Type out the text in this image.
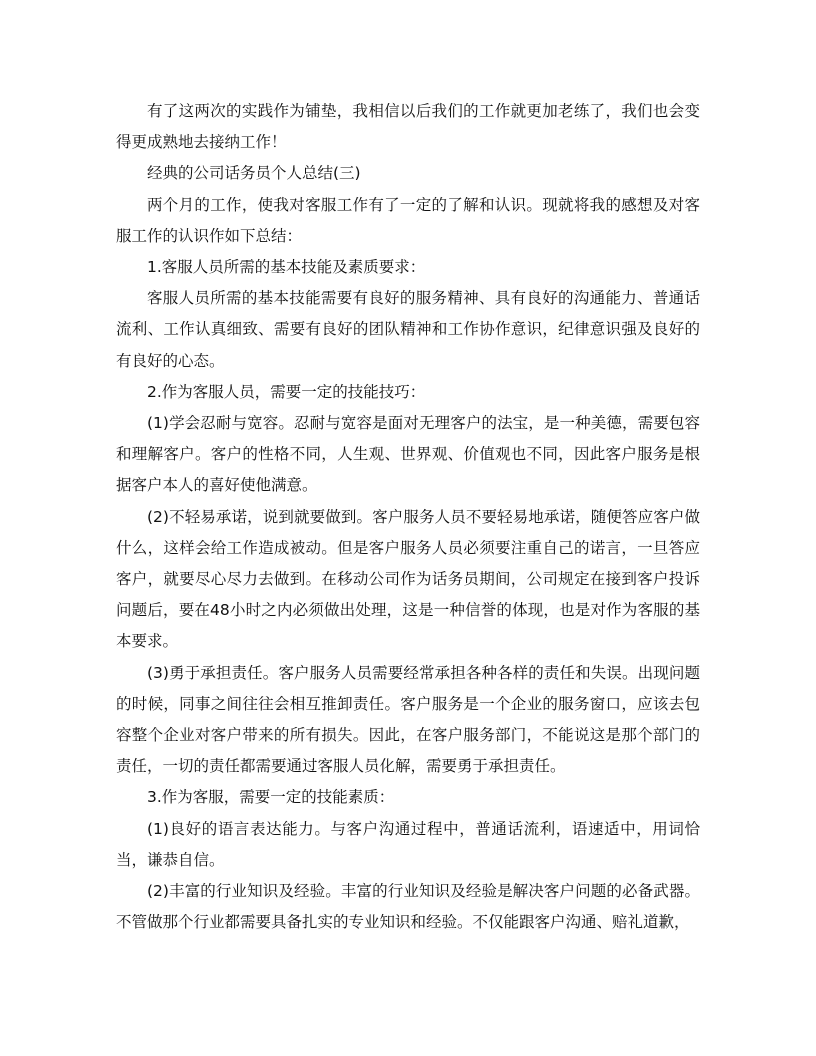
有了这两次的实践作为铺垫，我相信以后我们的工作就更加老练了，我们也会变得更成熟地去接纳工作！

经典的公司话务员个人总结(三)

两个月的工作，使我对客服工作有了一定的了解和认识。现就将我的感想及对客服工作的认识作如下总结：

1.客服人员所需的基本技能及素质要求：

客服人员所需的基本技能需要有良好的服务精神、具有良好的沟通能力、普通话流利、工作认真细致、需要有良好的团队精神和工作协作意识，纪律意识强及良好的有良好的心态。

2.作为客服人员，需要一定的技能技巧：

(1)学会忍耐与宽容。忍耐与宽容是面对无理客户的法宝，是一种美德，需要包容和理解客户。客户的性格不同，人生观、世界观、价值观也不同，因此客户服务是根据客户本人的喜好使他满意。

(2)不轻易承诺，说到就要做到。客户服务人员不要轻易地承诺，随便答应客户做什么，这样会给工作造成被动。但是客户服务人员必须要注重自己的诺言，一旦答应客户，就要尽心尽力去做到。在移动公司作为话务员期间，公司规定在接到客户投诉问题后，要在48小时之内必须做出处理，这是一种信誉的体现，也是对作为客服的基本要求。

(3)勇于承担责任。客户服务人员需要经常承担各种各样的责任和失误。出现问题的时候，同事之间往往会相互推卸责任。客户服务是一个企业的服务窗口，应该去包容整个企业对客户带来的所有损失。因此，在客户服务部门，不能说这是那个部门的责任，一切的责任都需要通过客服人员化解，需要勇于承担责任。

3.作为客服，需要一定的技能素质：

(1)良好的语言表达能力。与客户沟通过程中，普通话流利，语速适中，用词恰当，谦恭自信。

(2)丰富的行业知识及经验。丰富的行业知识及经验是解决客户问题的必备武器。不管做那个行业都需要具备扎实的专业知识和经验。不仅能跟客户沟通、赔礼道歉，
